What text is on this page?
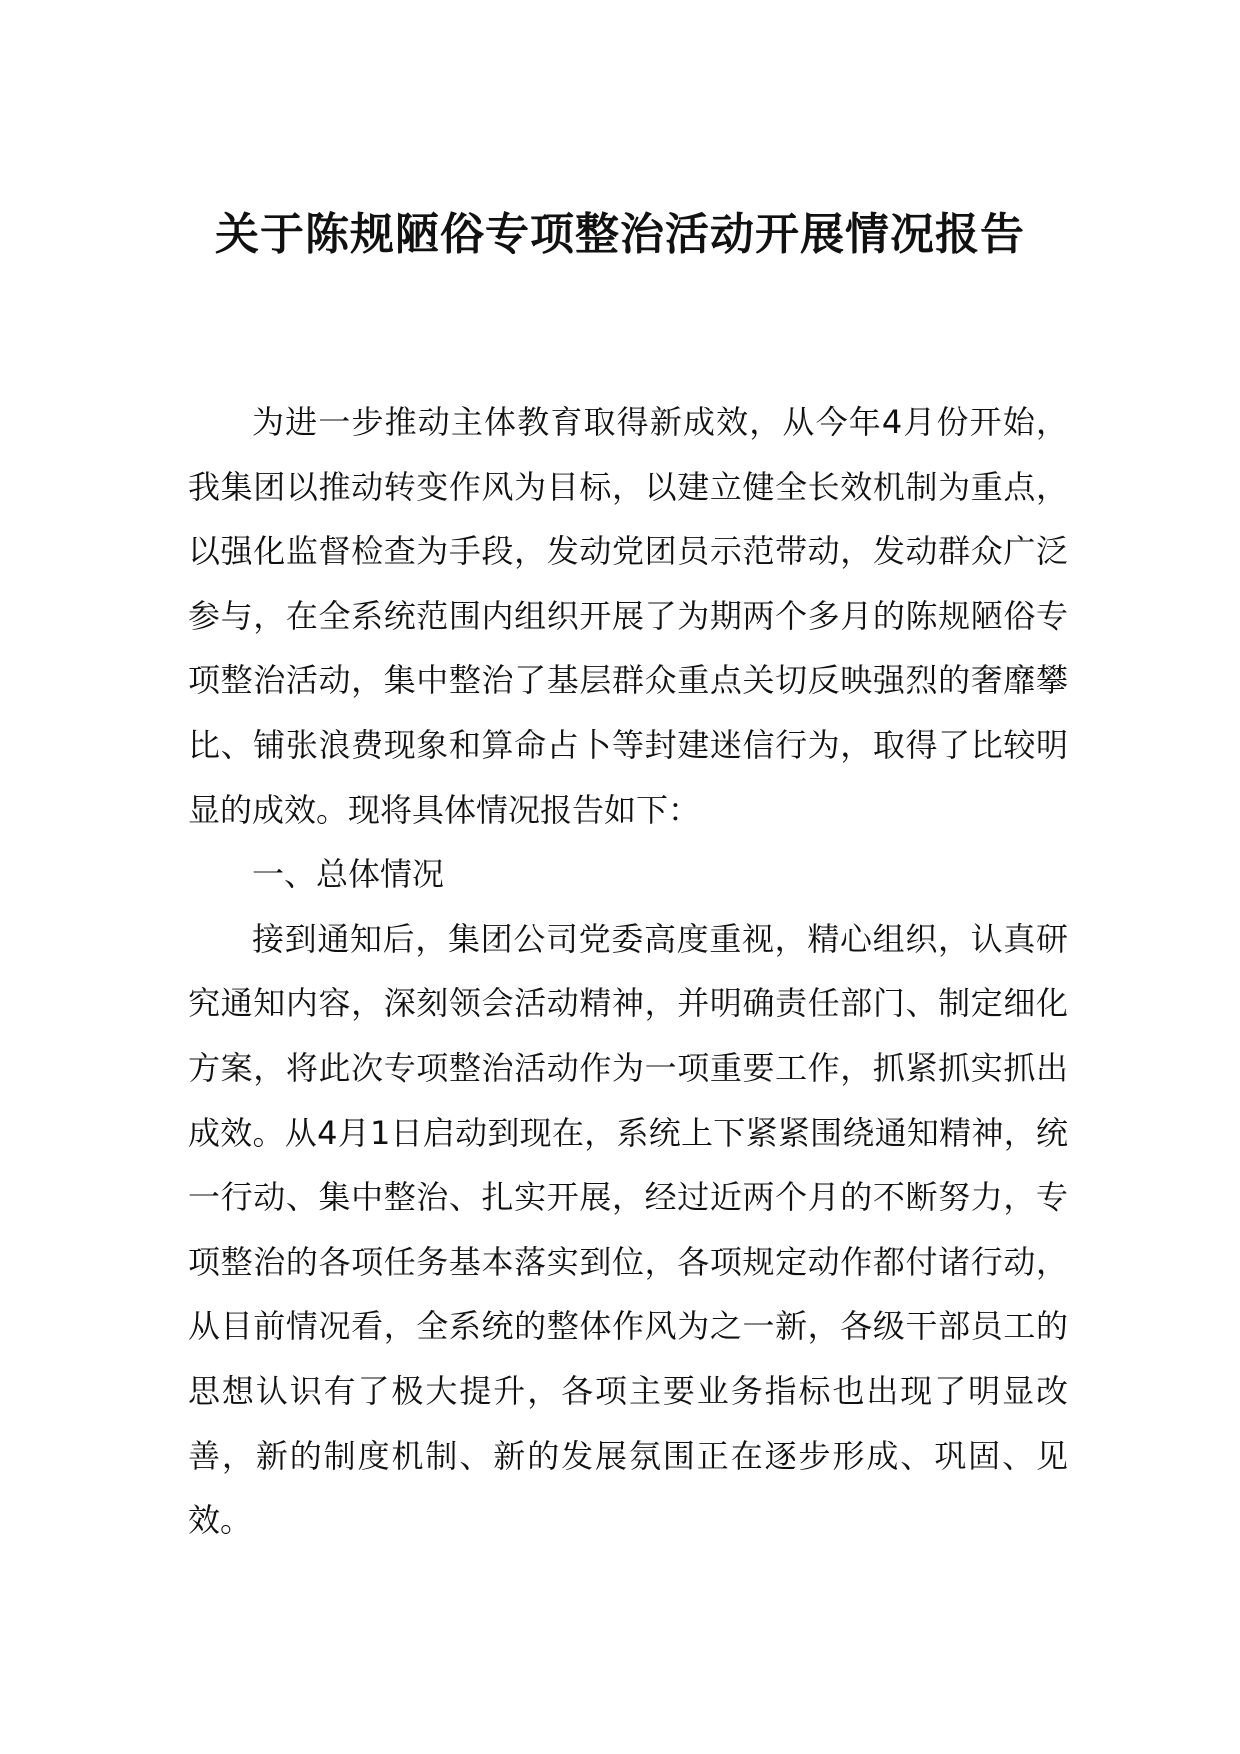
关于陈规陋俗专项整治活动开展情况报告

为进一步推动主体教育取得新成效，从今年4月份开始，我集团以推动转变作风为目标，以建立健全长效机制为重点，以强化监督检查为手段，发动党团员示范带动，发动群众广泛参与，在全系统范围内组织开展了为期两个多月的陈规陋俗专项整治活动，集中整治了基层群众重点关切反映强烈的奢靡攀比、铺张浪费现象和算命占卜等封建迷信行为，取得了比较明显的成效。现将具体情况报告如下：

一、总体情况

接到通知后，集团公司党委高度重视，精心组织，认真研究通知内容，深刻领会活动精神，并明确责任部门、制定细化方案，将此次专项整治活动作为一项重要工作，抓紧抓实抓出成效。从4月1日启动到现在，系统上下紧紧围绕通知精神，统一行动、集中整治、扎实开展，经过近两个月的不断努力，专项整治的各项任务基本落实到位，各项规定动作都付诸行动，从目前情况看，全系统的整体作风为之一新，各级干部员工的思想认识有了极大提升，各项主要业务指标也出现了明显改善，新的制度机制、新的发展氛围正在逐步形成、巩固、见效。
